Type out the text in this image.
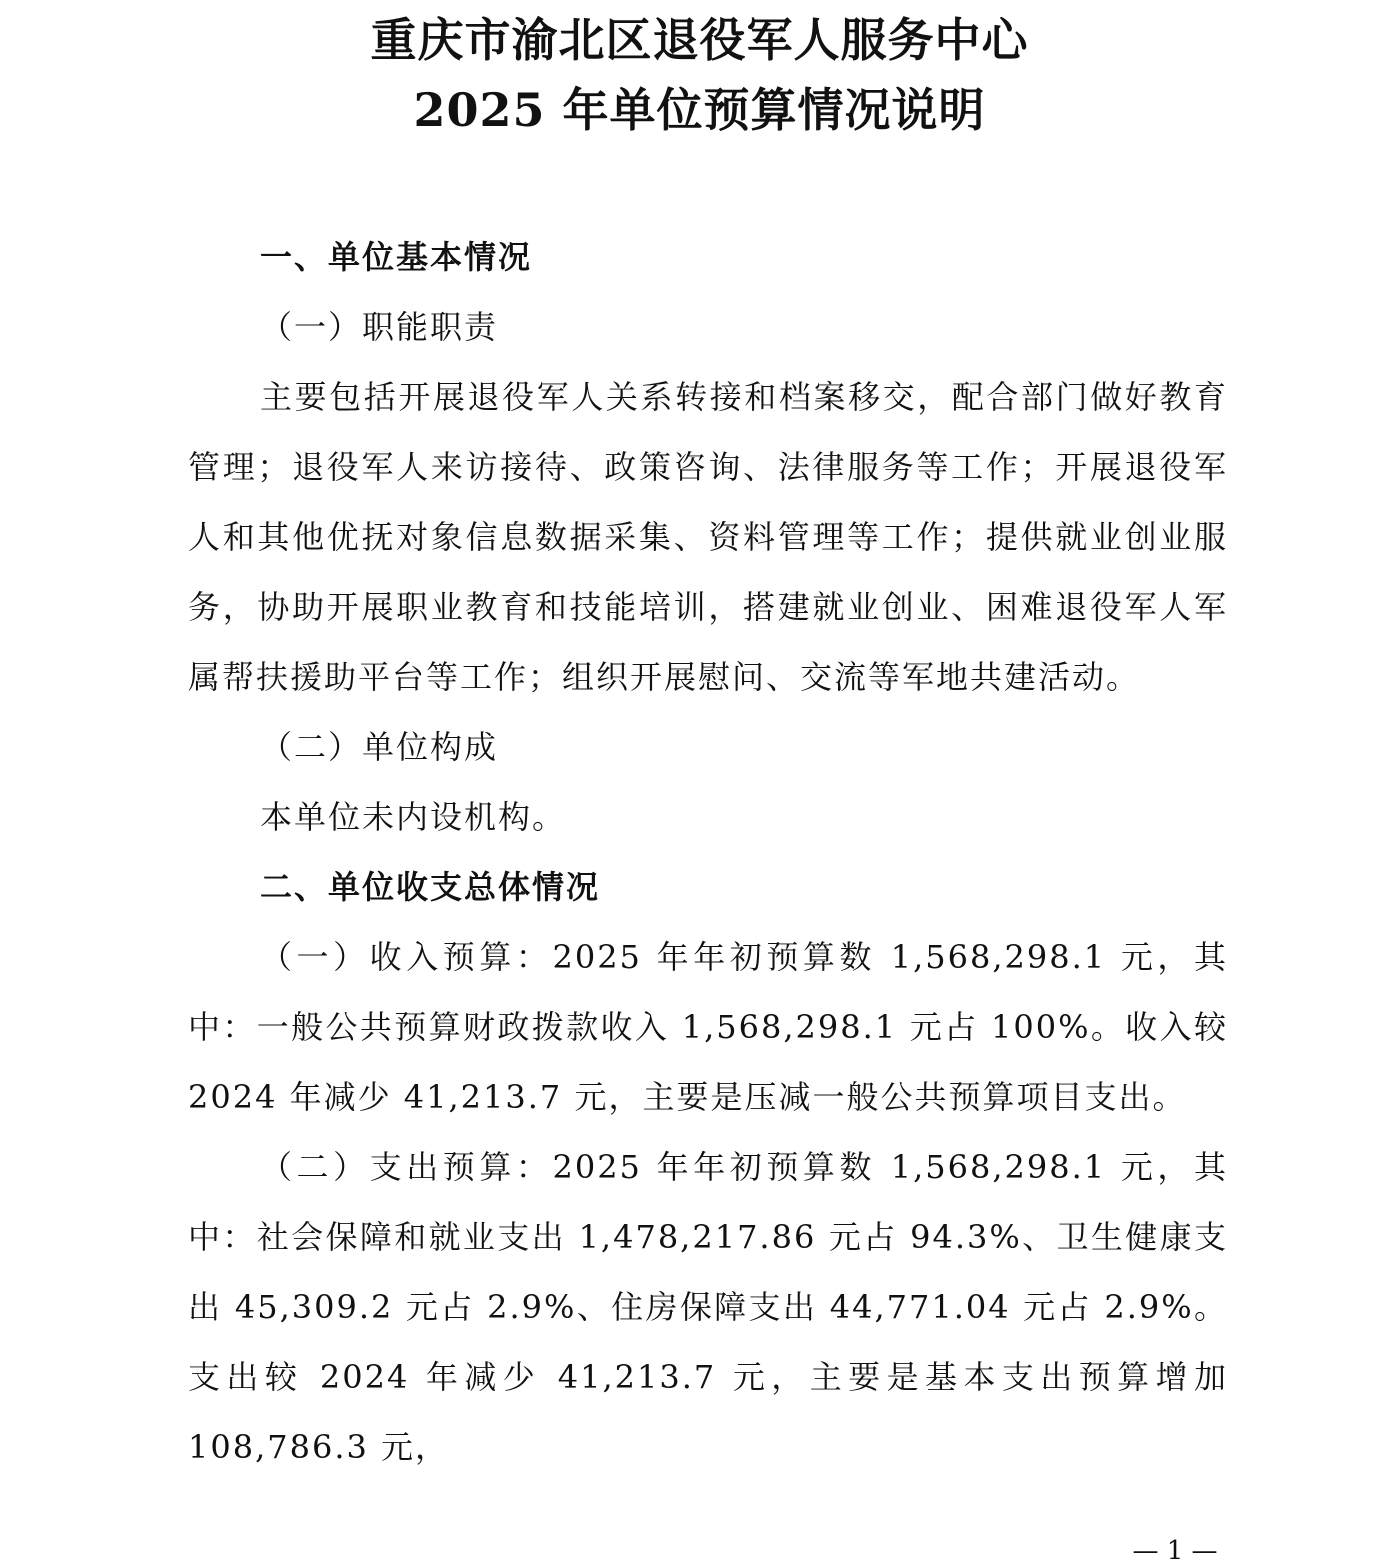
重庆市渝北区退役军人服务中心
2025 年单位预算情况说明

一、单位基本情况

（一）职能职责

主要包括开展退役军人关系转接和档案移交，配合部门做好教育管理；退役军人来访接待、政策咨询、法律服务等工作；开展退役军人和其他优抚对象信息数据采集、资料管理等工作；提供就业创业服务，协助开展职业教育和技能培训，搭建就业创业、困难退役军人军属帮扶援助平台等工作；组织开展慰问、交流等军地共建活动。

（二）单位构成

本单位未内设机构。

二、单位收支总体情况

（一）收入预算：2025 年年初预算数 1,568,298.1 元，其中：一般公共预算财政拨款收入 1,568,298.1 元占 100%。收入较 2024 年减少 41,213.7 元，主要是压减一般公共预算项目支出。

（二）支出预算：2025 年年初预算数 1,568,298.1 元，其中：社会保障和就业支出 1,478,217.86 元占 94.3%、卫生健康支出 45,309.2 元占 2.9%、住房保障支出 44,771.04 元占 2.9%。支出较 2024 年减少 41,213.7 元，主要是基本支出预算增加 108,786.3 元，

— 1 —
